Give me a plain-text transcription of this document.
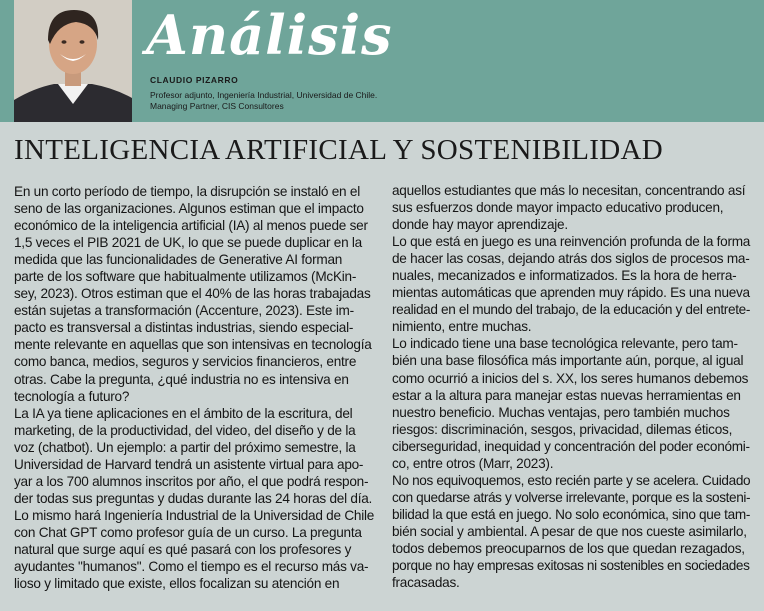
Análisis
CLAUDIO PIZARRO
Profesor adjunto, Ingeniería Industrial, Universidad de Chile.
Managing Partner, CIS Consultores
INTELIGENCIA ARTIFICIAL Y SOSTENIBILIDAD

En un corto período de tiempo, la disrupción se instaló en el

seno de las organizaciones. Algunos estiman que el impacto

económico de la inteligencia artificial (IA) al menos puede ser

1,5 veces el PIB 2021 de UK, lo que se puede duplicar en la

medida que las funcionalidades de Generative AI forman

parte de los software que habitualmente utilizamos (McKin-

sey, 2023). Otros estiman que el 40% de las horas trabajadas

están sujetas a transformación (Accenture, 2023). Este im-

pacto es transversal a distintas industrias, siendo especial-

mente relevante en aquellas que son intensivas en tecnología

como banca, medios, seguros y servicios financieros, entre

otras. Cabe la pregunta, ¿qué industria no es intensiva en

tecnología a futuro?

La IA ya tiene aplicaciones en el ámbito de la escritura, del

marketing, de la productividad, del video, del diseño y de la

voz (chatbot). Un ejemplo: a partir del próximo semestre, la

Universidad de Harvard tendrá un asistente virtual para apo-

yar a los 700 alumnos inscritos por año, el que podrá respon-

der todas sus preguntas y dudas durante las 24 horas del día.

Lo mismo hará Ingeniería Industrial de la Universidad de Chile

con Chat GPT como profesor guía de un curso. La pregunta

natural que surge aquí es qué pasará con los profesores y

ayudantes "humanos". Como el tiempo es el recurso más va-

lioso y limitado que existe, ellos focalizan su atención en

aquellos estudiantes que más lo necesitan, concentrando así

sus esfuerzos donde mayor impacto educativo producen,

donde hay mayor aprendizaje.

Lo que está en juego es una reinvención profunda de la forma

de hacer las cosas, dejando atrás dos siglos de procesos ma-

nuales, mecanizados e informatizados. Es la hora de herra-

mientas automáticas que aprenden muy rápido. Es una nueva

realidad en el mundo del trabajo, de la educación y del entrete-

nimiento, entre muchas.

Lo indicado tiene una base tecnológica relevante, pero tam-

bién una base filosófica más importante aún, porque, al igual

como ocurrió a inicios del s. XX, los seres humanos debemos

estar a la altura para manejar estas nuevas herramientas en

nuestro beneficio. Muchas ventajas, pero también muchos

riesgos: discriminación, sesgos, privacidad, dilemas éticos,

ciberseguridad, inequidad y concentración del poder económi-

co, entre otros (Marr, 2023).

No nos equivoquemos, esto recién parte y se acelera. Cuidado

con quedarse atrás y volverse irrelevante, porque es la sosteni-

bilidad la que está en juego. No solo económica, sino que tam-

bién social y ambiental. A pesar de que nos cueste asimilarlo,

todos debemos preocuparnos de los que quedan rezagados,

porque no hay empresas exitosas ni sostenibles en sociedades

fracasadas.
